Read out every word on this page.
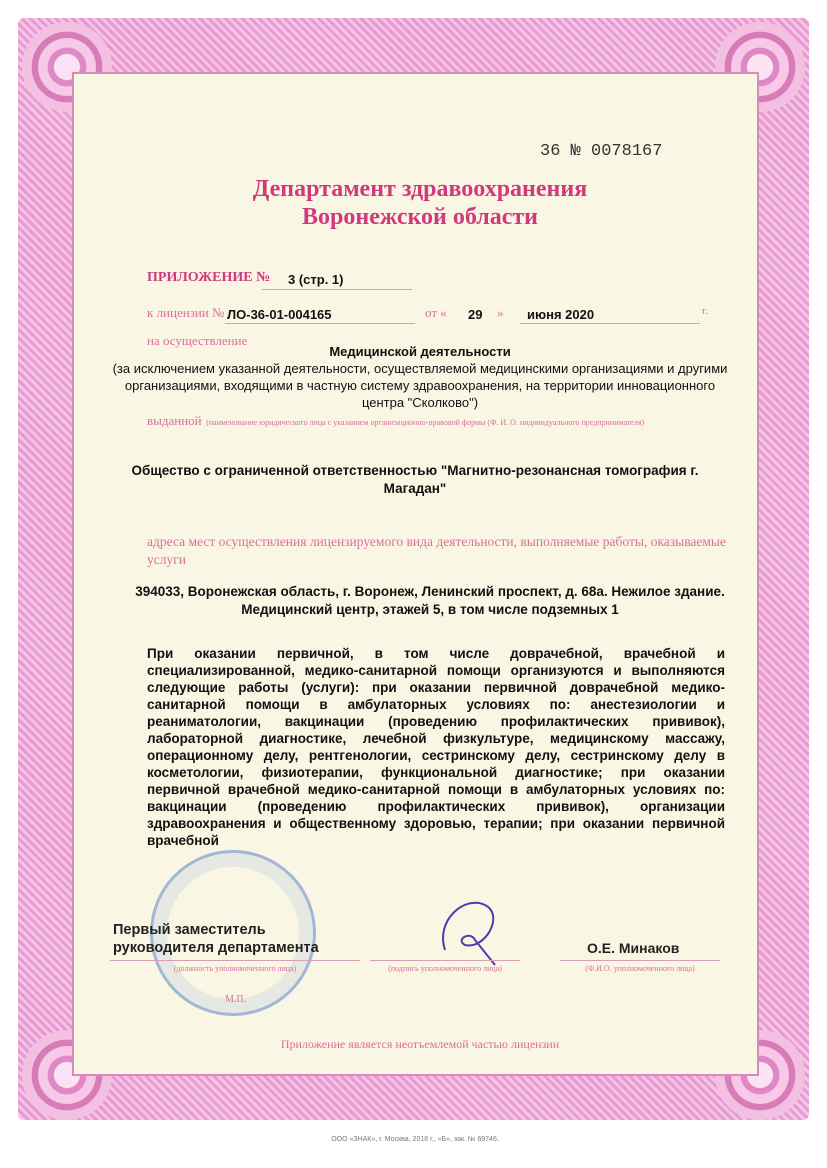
36 № 0078167
Департамент здравоохранения
Воронежской области
ПРИЛОЖЕНИЕ № 3 (стр. 1)
к лицензии № ЛО-36-01-004165	от « 29 » июня 2020	г.
на осуществление
Медицинской деятельности
(за исключением указанной деятельности, осуществляемой медицинскими организациями и другими организациями, входящими в частную систему здравоохранения, на территории инновационного центра "Сколково")
выданной (наименование юридического лица с указанием организационно-правовой формы (Ф. И. О. индивидуального предпринимателя)
Общество с ограниченной ответственностью "Магнитно-резонансная томография г. Магадан"
адреса мест осуществления лицензируемого вида деятельности, выполняемые работы, оказываемые услуги
394033, Воронежская область, г. Воронеж, Ленинский проспект, д. 68а. Нежилое здание. Медицинский центр, этажей 5, в том числе подземных 1
При оказании первичной, в том числе доврачебной, врачебной и специализированной, медико-санитарной помощи организуются и выполняются следующие работы (услуги): при оказании первичной доврачебной медико-санитарной помощи в амбулаторных условиях по: анестезиологии и реаниматологии, вакцинации (проведению профилактических прививок), лабораторной диагностике, лечебной физкультуре, медицинскому массажу, операционному делу, рентгенологии, сестринскому делу, сестринскому делу в косметологии, физиотерапии, функциональной диагностике; при оказании первичной врачебной медико-санитарной помощи в амбулаторных условиях по: вакцинации (проведению профилактических прививок), организации здравоохранения и общественному здоровью, терапии; при оказании первичной врачебной
Первый заместитель руководителя департамента
(должность уполномоченного лица)	(подпись уполномоченного лица)
О.Е. Минаков
(Ф.И.О. уполномоченного лица)
М.П.
Приложение является неотъемлемой частью лицензии
ООО «ЗНАК», г. Москва, 2018 г., «Б», зак. № 69746.
